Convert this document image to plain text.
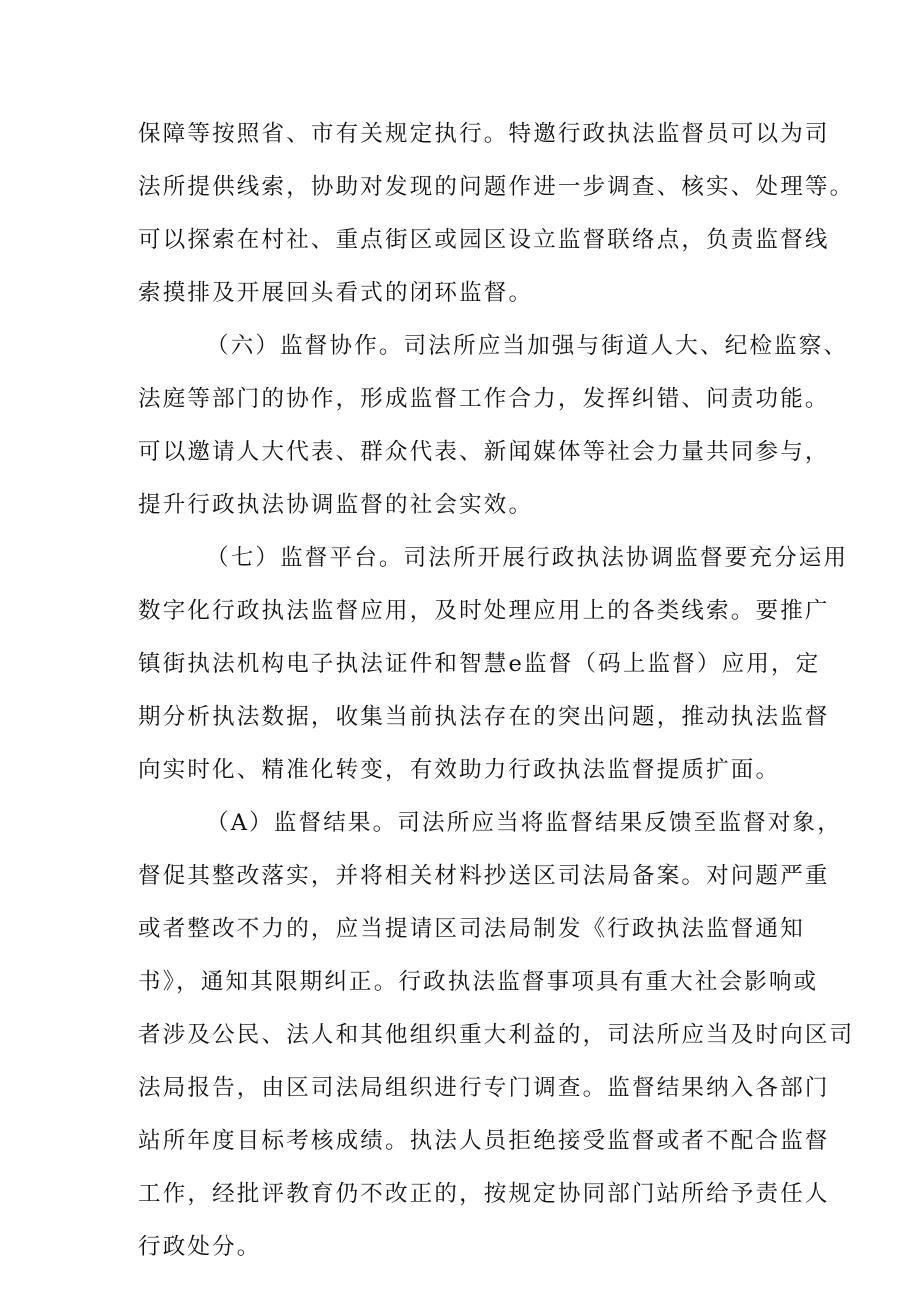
保障等按照省、市有关规定执行。特邀行政执法监督员可以为司
法所提供线索，协助对发现的问题作进一步调查、核实、处理等。
可以探索在村社、重点街区或园区设立监督联络点，负责监督线
索摸排及开展回头看式的闭环监督。
（六）监督协作。司法所应当加强与街道人大、纪检监察、
法庭等部门的协作，形成监督工作合力，发挥纠错、问责功能。
可以邀请人大代表、群众代表、新闻媒体等社会力量共同参与，
提升行政执法协调监督的社会实效。
（七）监督平台。司法所开展行政执法协调监督要充分运用
数字化行政执法监督应用，及时处理应用上的各类线索。要推广
镇街执法机构电子执法证件和智慧e监督（码上监督）应用，定
期分析执法数据，收集当前执法存在的突出问题，推动执法监督
向实时化、精准化转变，有效助力行政执法监督提质扩面。
（A）监督结果。司法所应当将监督结果反馈至监督对象，
督促其整改落实，并将相关材料抄送区司法局备案。对问题严重
或者整改不力的，应当提请区司法局制发《行政执法监督通知
书》，通知其限期纠正。行政执法监督事项具有重大社会影响或
者涉及公民、法人和其他组织重大利益的，司法所应当及时向区司
法局报告，由区司法局组织进行专门调查。监督结果纳入各部门
站所年度目标考核成绩。执法人员拒绝接受监督或者不配合监督
工作，经批评教育仍不改正的，按规定协同部门站所给予责任人
行政处分。
